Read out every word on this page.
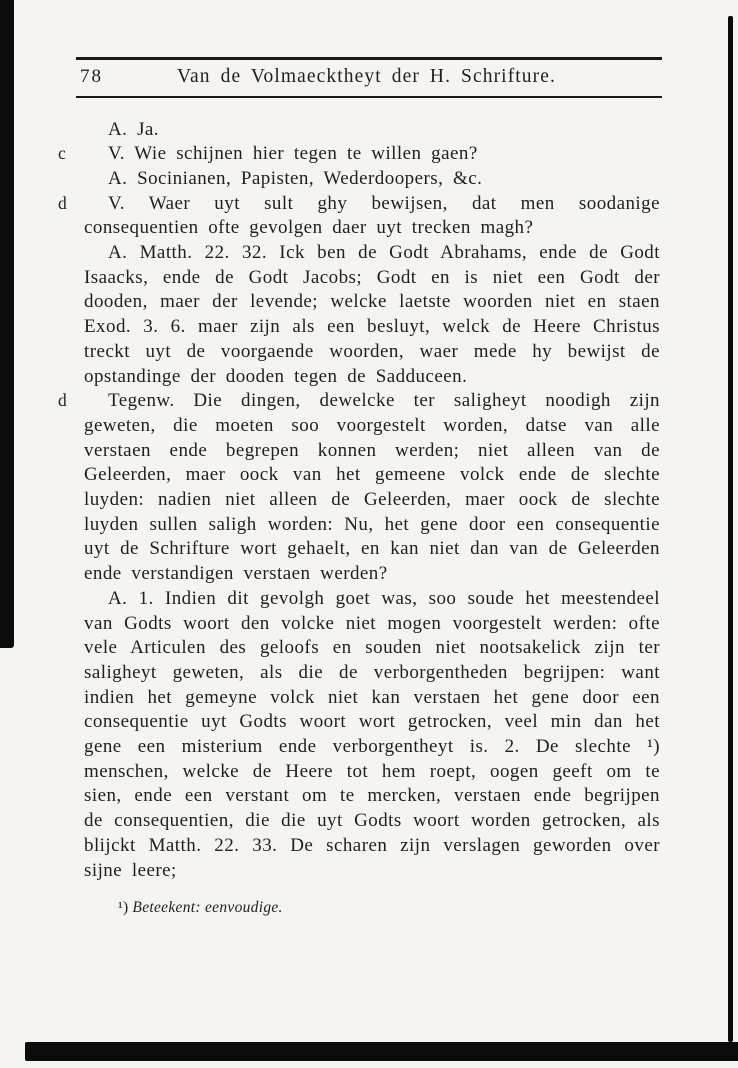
78	Van de Volmaecktheyt der H. Schrifture.

A. Ja.

c	V. Wie schijnen hier tegen te willen gaen?

A. Socinianen, Papisten, Wederdoopers, &c.

d	V. Waer uyt sult ghy bewijsen, dat men soodanige consequentien ofte gevolgen daer uyt trecken magh?

A. Matth. 22. 32. Ick ben de Godt Abrahams, ende de Godt Isaacks, ende de Godt Jacobs; Godt en is niet een Godt der dooden, maer der levende; welcke laetste woorden niet en staen Exod. 3. 6. maer zijn als een besluyt, welck de Heere Christus treckt uyt de voorgaende woorden, waer mede hy bewijst de opstandinge der dooden tegen de Sadduceen.

d	Tegenw. Die dingen, dewelcke ter saligheyt noodigh zijn geweten, die moeten soo voorgestelt worden, datse van alle verstaen ende begrepen konnen werden; niet alleen van de Geleerden, maer oock van het gemeene volck ende de slechte luyden: nadien niet alleen de Geleerden, maer oock de slechte luyden sullen saligh worden: Nu, het gene door een consequentie uyt de Schrifture wort gehaelt, en kan niet dan van de Geleerden ende verstandigen verstaen werden?

A. 1. Indien dit gevolgh goet was, soo soude het meestendeel van Godts woort den volcke niet mogen voorgestelt werden: ofte vele Articulen des geloofs en souden niet nootsakelick zijn ter saligheyt geweten, als die de verborgentheden begrijpen: want indien het gemeyne volck niet kan verstaen het gene door een consequentie uyt Godts woort wort getrocken, veel min dan het gene een misterium ende verborgentheyt is. 2. De slechte ¹) menschen, welcke de Heere tot hem roept, oogen geeft om te sien, ende een verstant om te mercken, verstaen ende begrijpen de consequentien, die die uyt Godts woort worden getrocken, als blijckt Matth. 22. 33. De scharen zijn verslagen geworden over sijne leere;

¹) Beteekent: eenvoudige.
